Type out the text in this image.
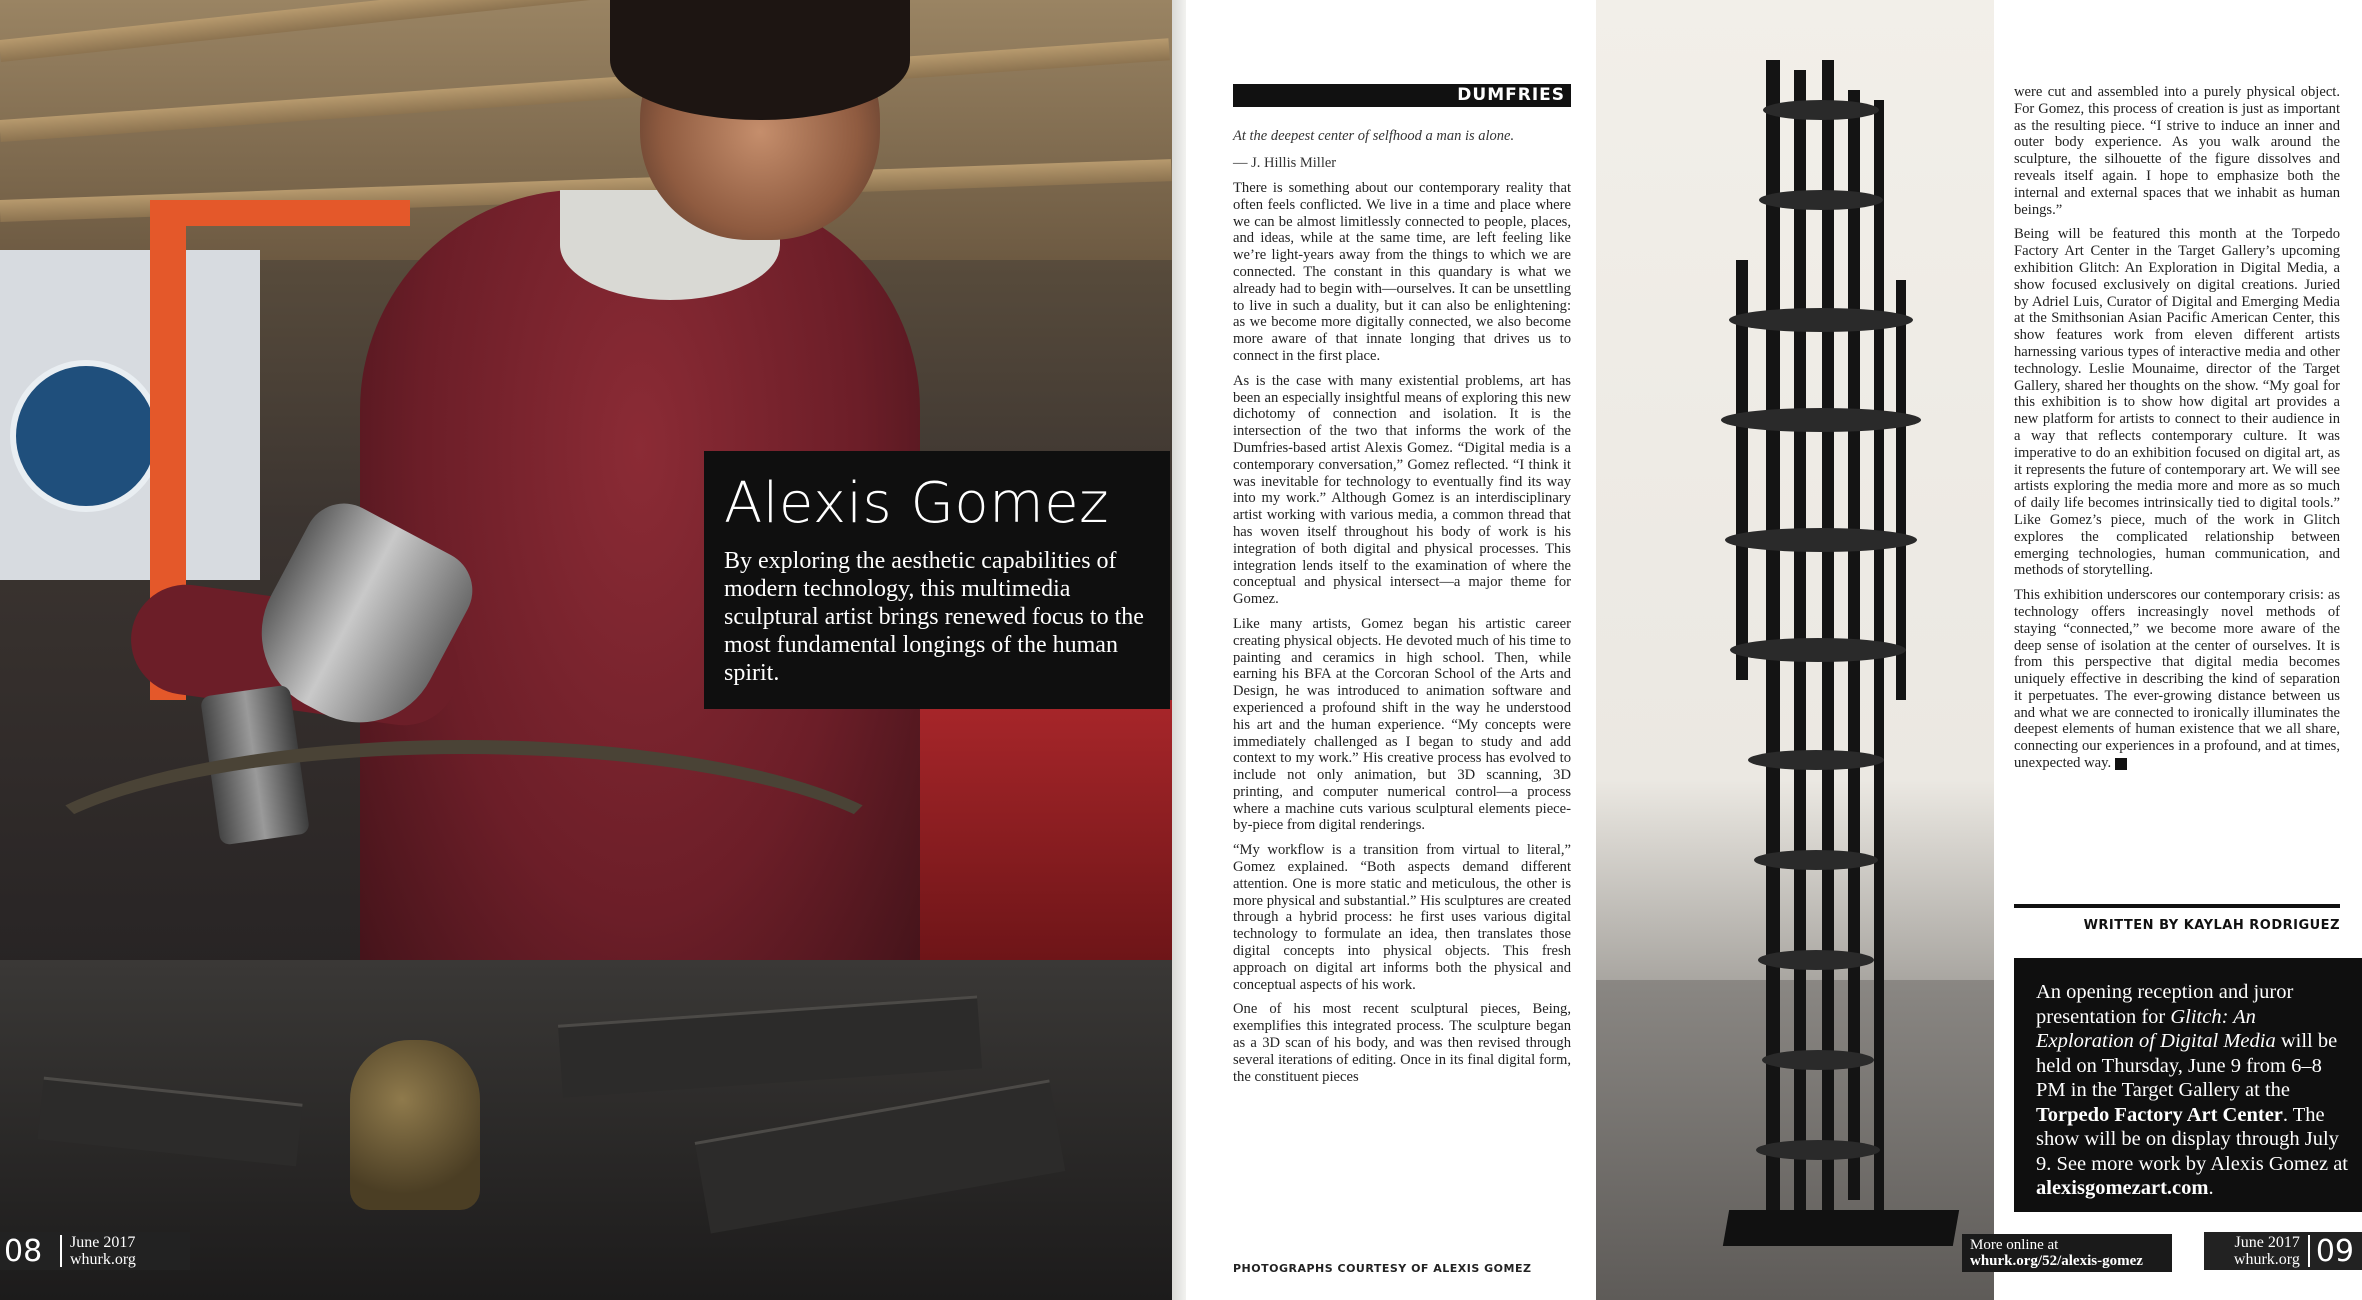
Alexis Gomez

By exploring the aesthetic capabilities of modern technology, this multimedia sculptural artist brings renewed focus to the most fundamental longings of the human spirit.

08	June 2017
whurk.org
DUMFRIES
At the deepest center of selfhood a man is alone.
— J. Hillis Miller

There is something about our contemporary reality that often feels conflicted. We live in a time and place where we can be almost limitlessly connected to people, places, and ideas, while at the same time, are left feeling like we’re light-years away from the things to which we are connected. The constant in this quandary is what we already had to begin with—ourselves. It can be unsettling to live in such a duality, but it can also be enlightening: as we become more digitally connected, we also become more aware of that innate longing that drives us to connect in the first place.

As is the case with many existential problems, art has been an especially insightful means of exploring this new dichotomy of connection and isolation. It is the intersection of the two that informs the work of the Dumfries-based artist Alexis Gomez. “Digital media is a contemporary conversation,” Gomez reflected. “I think it was inevitable for technology to eventually find its way into my work.” Although Gomez is an interdisciplinary artist working with various media, a common thread that has woven itself throughout his body of work is his integration of both digital and physical processes. This integration lends itself to the examination of where the conceptual and physical intersect—a major theme for Gomez.

Like many artists, Gomez began his artistic career creating physical objects. He devoted much of his time to painting and ceramics in high school. Then, while earning his BFA at the Corcoran School of the Arts and Design, he was introduced to animation software and experienced a profound shift in the way he understood his art and the human experience. “My concepts were immediately challenged as I began to study and add context to my work.” His creative process has evolved to include not only animation, but 3D scanning, 3D printing, and computer numerical control—a process where a machine cuts various sculptural elements piece-by-piece from digital renderings.

“My workflow is a transition from virtual to literal,” Gomez explained. “Both aspects demand different attention. One is more static and meticulous, the other is more physical and substantial.” His sculptures are created through a hybrid process: he first uses various digital technology to formulate an idea, then translates those digital concepts into physical objects. This fresh approach on digital art informs both the physical and conceptual aspects of his work.

One of his most recent sculptural pieces, Being, exemplifies this integrated process. The sculpture began as a 3D scan of his body, and was then revised through several iterations of editing. Once in its final digital form, the constituent pieces

PHOTOGRAPHS COURTESY OF ALEXIS GOMEZ

were cut and assembled into a purely physical object. For Gomez, this process of creation is just as important as the resulting piece. “I strive to induce an inner and outer body experience. As you walk around the sculpture, the silhouette of the figure dissolves and reveals itself again. I hope to emphasize both the internal and external spaces that we inhabit as human beings.”

Being will be featured this month at the Torpedo Factory Art Center in the Target Gallery’s upcoming exhibition Glitch: An Exploration in Digital Media, a show focused exclusively on digital creations. Juried by Adriel Luis, Curator of Digital and Emerging Media at the Smithsonian Asian Pacific American Center, this show features work from eleven different artists harnessing various types of interactive media and other technology. Leslie Mounaime, director of the Target Gallery, shared her thoughts on the show. “My goal for this exhibition is to show how digital art provides a new platform for artists to connect to their audience in a way that reflects contemporary culture. It was imperative to do an exhibition focused on digital art, as it represents the future of contemporary art. We will see artists exploring the media more and more as so much of daily life becomes intrinsically tied to digital tools.” Like Gomez’s piece, much of the work in Glitch explores the complicated relationship between emerging technologies, human communication, and methods of storytelling.

This exhibition underscores our contemporary crisis: as technology offers increasingly novel methods of staying “connected,” we become more aware of the deep sense of isolation at the center of ourselves. It is from this perspective that digital media becomes uniquely effective in describing the kind of separation it perpetuates. The ever-growing distance between us and what we are connected to ironically illuminates the deepest elements of human existence that we all share, connecting our experiences in a profound, and at times, unexpected way.

WRITTEN BY KAYLAH RODRIGUEZ
An opening reception and juror presentation for Glitch: An Exploration of Digital Media will be held on Thursday, June 9 from 6–8 PM in the Target Gallery at the Torpedo Factory Art Center. The show will be on display through July 9. See more work by Alexis Gomez at alexisgomezart.com.
More online at
whurk.org/52/alexis-gomez
June 2017
whurk.org 09
